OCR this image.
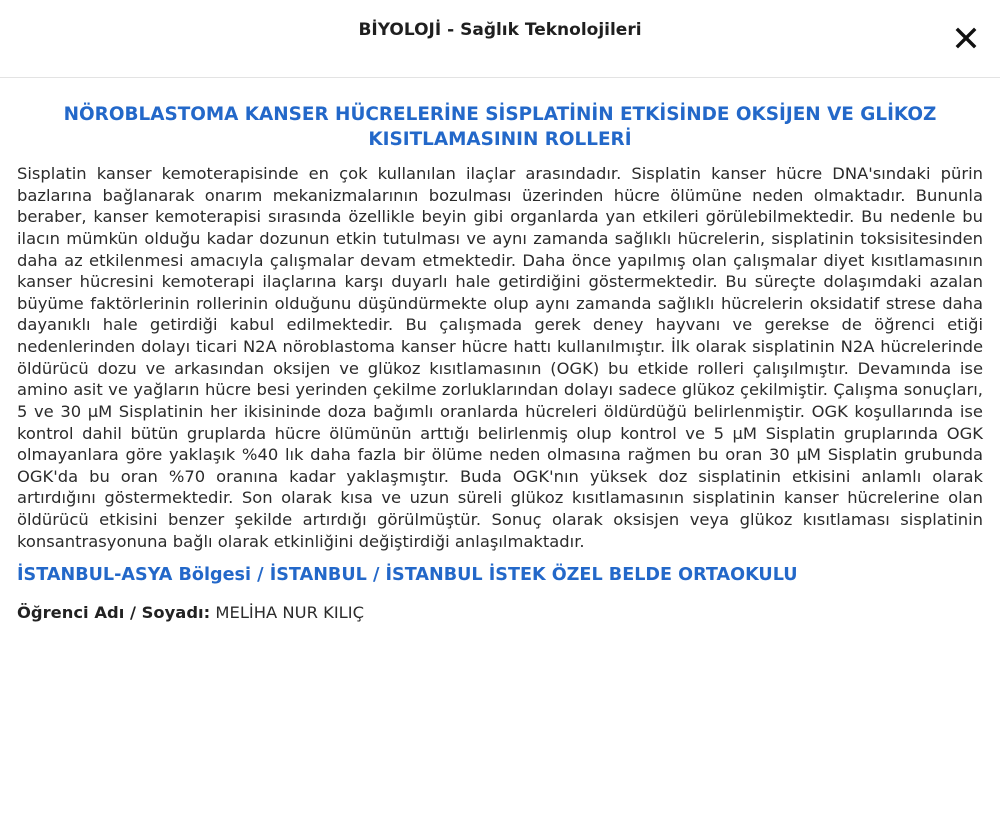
BİYOLOJİ - Sağlık Teknolojileri
NÖROBLASTOMA KANSER HÜCRELERİNE SİSPLATİNİN ETKİSİNDE OKSİJEN VE GLİKOZ KISITLAMASININ ROLLERİ
Sisplatin kanser kemoterapisinde en çok kullanılan ilaçlar arasındadır. Sisplatin kanser hücre DNA'sındaki pürin bazlarına bağlanarak onarım mekanizmalarının bozulması üzerinden hücre ölümüne neden olmaktadır. Bununla beraber, kanser kemoterapisi sırasında özellikle beyin gibi organlarda yan etkileri görülebilmektedir. Bu nedenle bu ilacın mümkün olduğu kadar dozunun etkin tutulması ve aynı zamanda sağlıklı hücrelerin, sisplatinin toksisitesinden daha az etkilenmesi amacıyla çalışmalar devam etmektedir. Daha önce yapılmış olan çalışmalar diyet kısıtlamasının kanser hücresini kemoterapi ilaçlarına karşı duyarlı hale getirdiğini göstermektedir. Bu süreçte dolaşımdaki azalan büyüme faktörlerinin rollerinin olduğunu düşündürmekte olup aynı zamanda sağlıklı hücrelerin oksidatif strese daha dayanıklı hale getirdiği kabul edilmektedir. Bu çalışmada gerek deney hayvanı ve gerekse de öğrenci etiği nedenlerinden dolayı ticari N2A nöroblastoma kanser hücre hattı kullanılmıştır. İlk olarak sisplatinin N2A hücrelerinde öldürücü dozu ve arkasından oksijen ve glükoz kısıtlamasının (OGK) bu etkide rolleri çalışılmıştır. Devamında ise amino asit ve yağların hücre besi yerinden çekilme zorluklarından dolayı sadece glükoz çekilmiştir. Çalışma sonuçları, 5 ve 30 µM Sisplatinin her ikisininde doza bağımlı oranlarda hücreleri öldürdüğü belirlenmiştir. OGK koşullarında ise kontrol dahil bütün gruplarda hücre ölümünün arttığı belirlenmiş olup kontrol ve 5 µM Sisplatin gruplarında OGK olmayanlara göre yaklaşık %40 lık daha fazla bir ölüme neden olmasına rağmen bu oran 30 µM Sisplatin grubunda OGK'da bu oran %70 oranına kadar yaklaşmıştır. Buda OGK'nın yüksek doz sisplatinin etkisini anlamlı olarak artırdığını göstermektedir. Son olarak kısa ve uzun süreli glükoz kısıtlamasının sisplatinin kanser hücrelerine olan öldürücü etkisini benzer şekilde artırdığı görülmüştür. Sonuç olarak oksisjen veya glükoz kısıtlaması sisplatinin konsantrasyonuna bağlı olarak etkinliğini değiştirdiği anlaşılmaktadır.
İSTANBUL-ASYA Bölgesi / İSTANBUL / İSTANBUL İSTEK ÖZEL BELDE ORTAOKULU
Öğrenci Adı / Soyadı: MELİHA NUR KILIÇ
